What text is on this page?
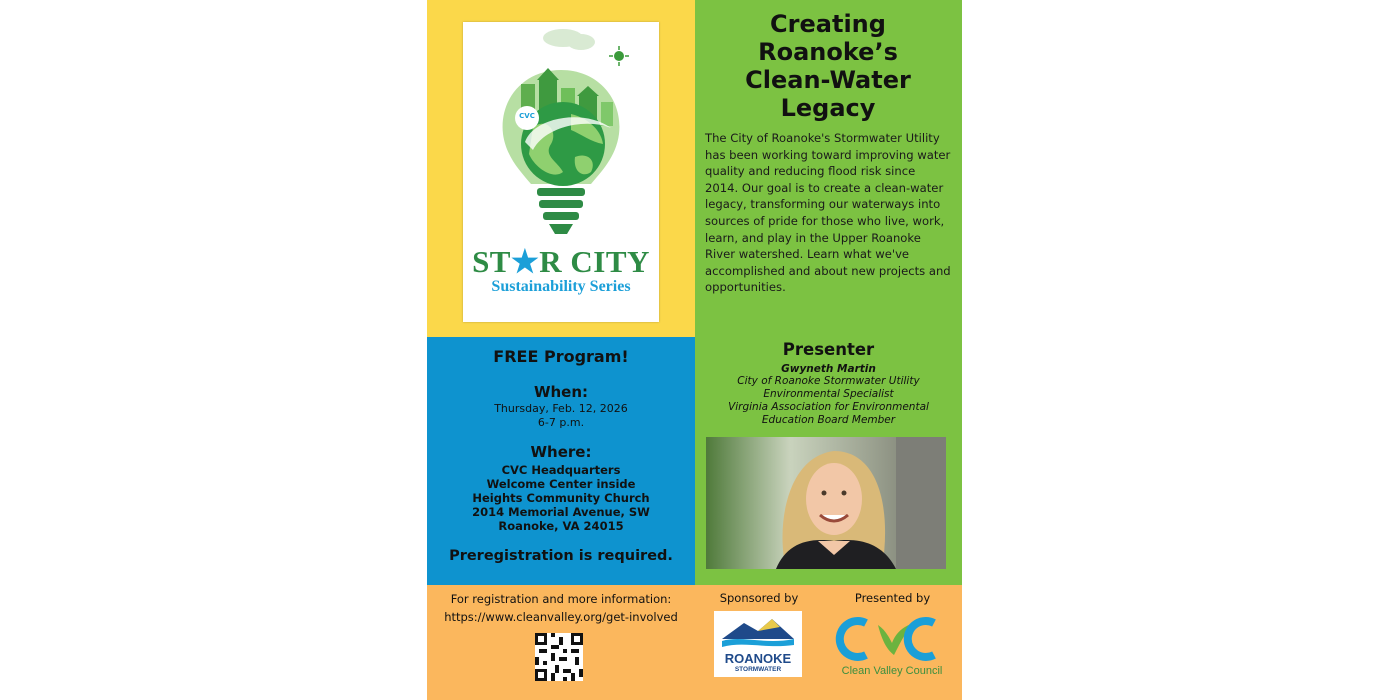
CVC
ST★R CITY
Sustainability Series
Creating
Roanoke’s
Clean-Water
Legacy
The City of Roanoke's Stormwater Utility has been working toward improving water quality and reducing flood risk since 2014. Our goal is to create a clean-water legacy, transforming our waterways into sources of pride for those who live, work, learn, and play in the Upper Roanoke River watershed. Learn what we've accomplished and about new projects and opportunities.
FREE Program!
When:
Thursday, Feb. 12, 2026
6-7 p.m.
Where:
CVC Headquarters
Welcome Center inside
Heights Community Church
2014 Memorial Avenue, SW
Roanoke, VA 24015
Preregistration is required.
Presenter
Gwyneth Martin
City of Roanoke Stormwater Utility
Environmental Specialist
Virginia Association for Environmental
Education Board Member
For registration and more information:
https://www.cleanvalley.org/get-involved
Sponsored by	Presented by
ROANOKE
STORMWATER	Clean Valley Council
